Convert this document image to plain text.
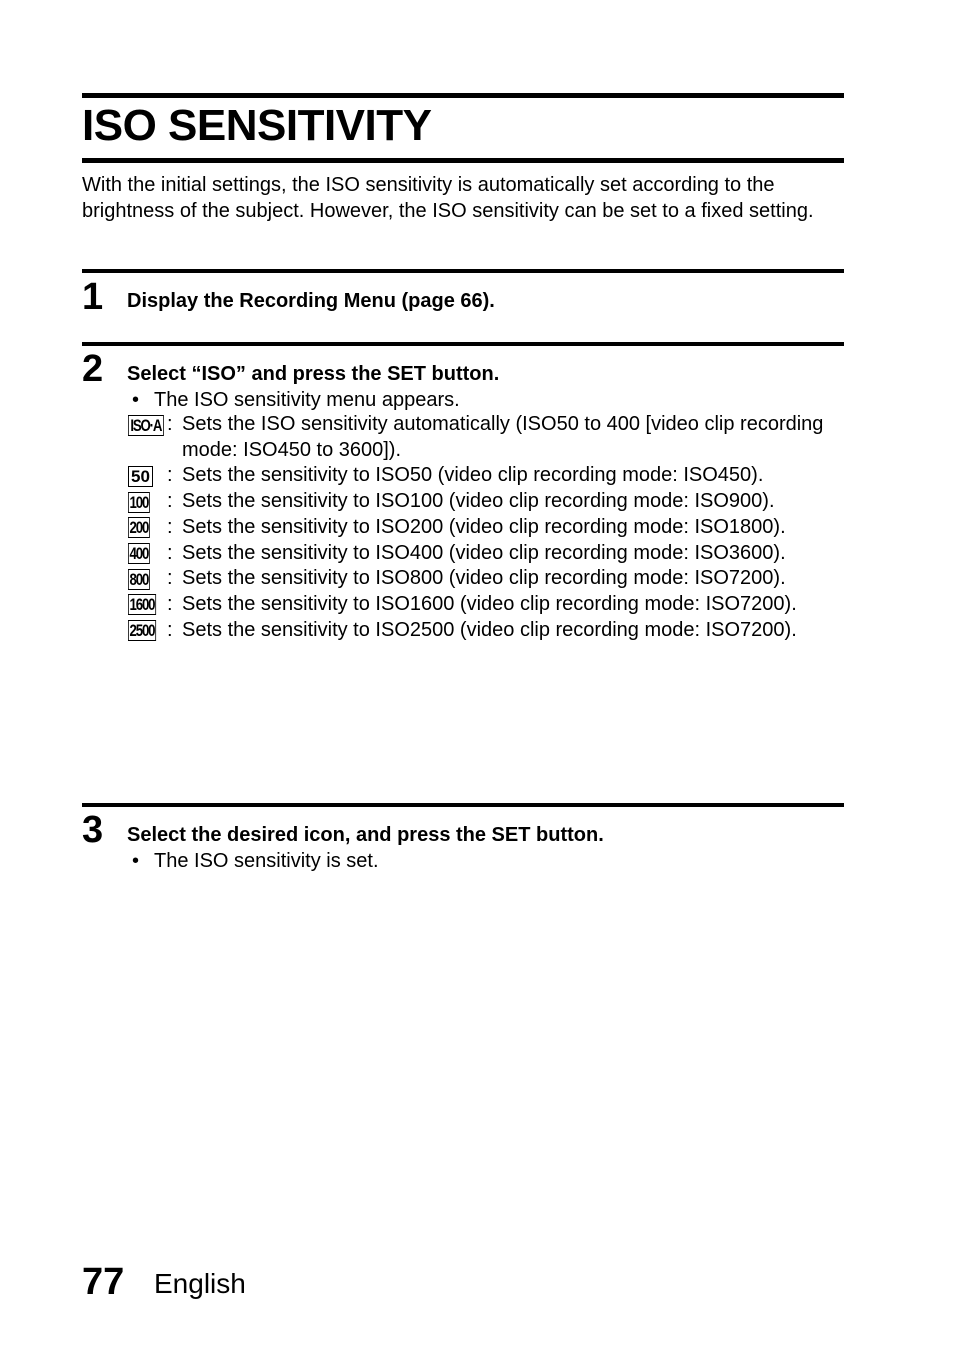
ISO SENSITIVITY

With the initial settings, the ISO sensitivity is automatically set according to the brightness of the subject. However, the ISO sensitivity can be set to a fixed setting.

1 Display the Recording Menu (page 66).

2 Select “ISO” and press the SET button.

• The ISO sensitivity menu appears.
ISO·A : Sets the ISO sensitivity automatically (ISO50 to 400 [video clip recording mode: ISO450 to 3600]).
50 : Sets the sensitivity to ISO50 (video clip recording mode: ISO450).
100 : Sets the sensitivity to ISO100 (video clip recording mode: ISO900).
200 : Sets the sensitivity to ISO200 (video clip recording mode: ISO1800).
400 : Sets the sensitivity to ISO400 (video clip recording mode: ISO3600).
800 : Sets the sensitivity to ISO800 (video clip recording mode: ISO7200).
1600 : Sets the sensitivity to ISO1600 (video clip recording mode: ISO7200).
2500 : Sets the sensitivity to ISO2500 (video clip recording mode: ISO7200).
3 Select the desired icon, and press the SET button.

• The ISO sensitivity is set.
77 English
